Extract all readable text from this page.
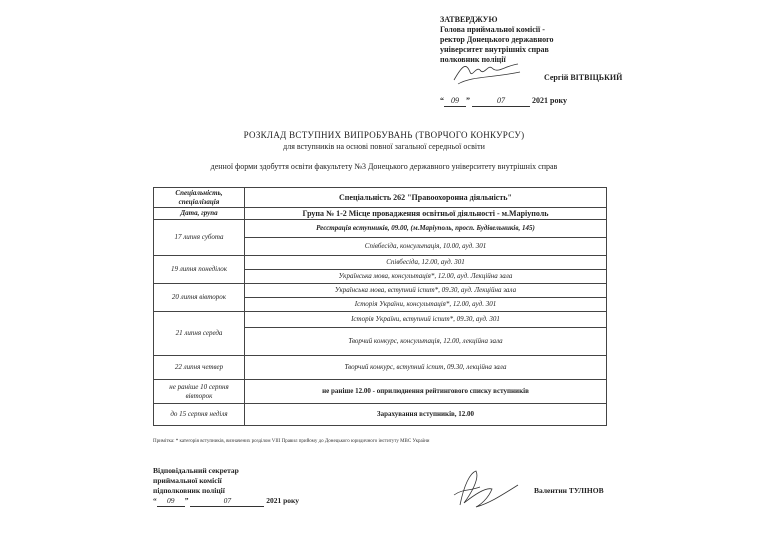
ЗАТВЕРДЖУЮ
Голова приймальної комісії -
ректор Донецького державного
університет внутрішніх справ
полковник поліції
Сергій ВІТВІЦЬКИЙ
“ 09 ”	07	2021 року
РОЗКЛАД ВСТУПНИХ ВИПРОБУВАНЬ (ТВОРЧОГО КОНКУРСУ)
для вступників на основі повної загальної середньої освіти
денної форми здобуття освіти факультету №3 Донецького державного університету внутрішніх справ
Спеціальність, спеціалізація	Спеціальність 262 "Правоохоронна діяльність"
Дата, група	Група № 1-2 Місце провадження освітньої діяльності - м.Маріуполь
17 липня субота	Реєстрація вступників, 09.00, (м.Маріуполь, просп. Будівельників, 145)
	Співбесіда, консультація, 10.00, ауд. 301
19 липня понеділок	Співбесіда, 12.00, ауд. 301
	Українська мова, консультація*, 12.00, ауд. Лекційна зала
20 липня вівторок	Українська мова, вступний іспит*, 09.30, ауд. Лекційна зала
	Історія України, консультація*, 12.00, ауд. 301
21 липня середа	Історія України, вступний іспит*, 09.30, ауд. 301
	Творчий конкурс, консультація, 12.00, лекційна зала
22 липня четвер	Творчий конкурс, вступний іспит, 09.30, лекційна зала
не раніше 10 серпня вівторок	не раніше 12.00 - оприлюднення рейтингового списку вступників
до 15 серпня неділя	Зарахування вступників, 12.00
Примітка: * категорія вступників, визначених розділом VIII Правил прийому до Донецького юридичного інституту МВС України
Відповідальний секретар
приймальної комісії
підполковник поліції
“ 09 ”	07	2021 року
Валентин ТУЛІНОВ
